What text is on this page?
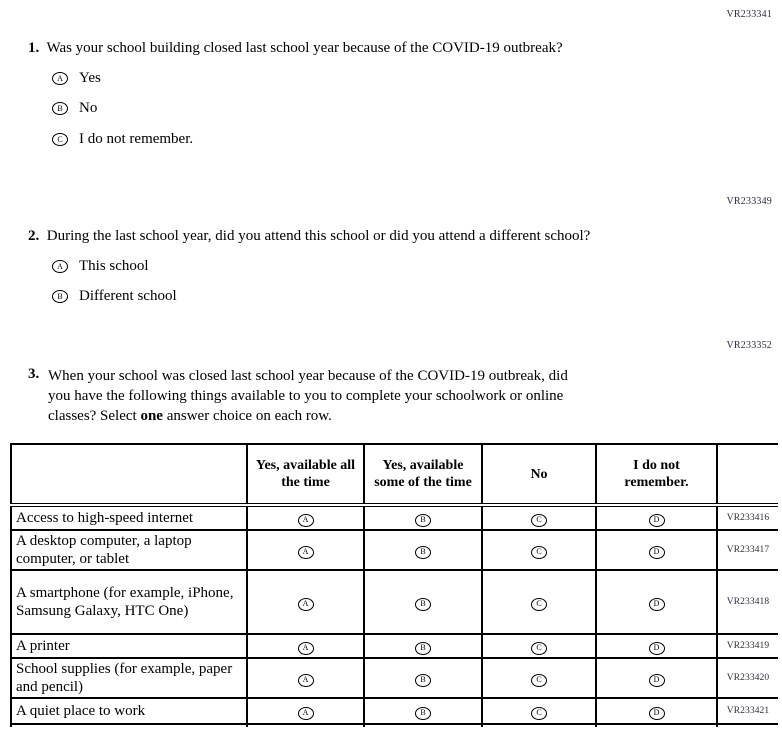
VR233341
1. Was your school building closed last school year because of the COVID-19 outbreak?
A	Yes
B	No
C	I do not remember.
VR233349
2. During the last school year, did you attend this school or did you attend a different school?
A	This school
B	Different school
VR233352
3. When your school was closed last school year because of the COVID-19 outbreak, did
you have the following things available to you to complete your schoolwork or online
classes? Select one answer choice on each row.
	Yes, available all the time	Yes, available some of the time	No	I do not remember.	
Access to high-speed internet	A	B	C	D	VR233416
A desktop computer, a laptop computer, or tablet	A	B	C	D	VR233417
A smartphone (for example, iPhone, Samsung Galaxy, HTC One)	A	B	C	D	VR233418
A printer	A	B	C	D	VR233419
School supplies (for example, paper and pencil)	A	B	C	D	VR233420
A quiet place to work	A	B	C	D	VR233421
